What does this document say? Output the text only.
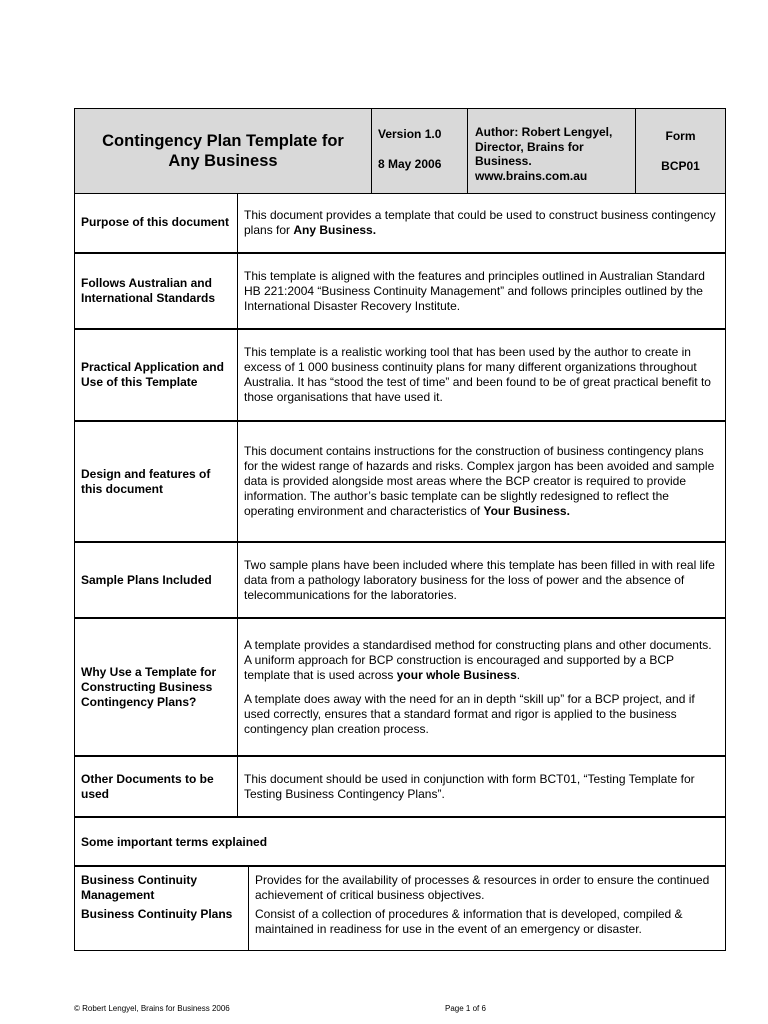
Contingency Plan Template for
Any Business
Version 1.0
8 May 2006
Author: Robert Lengyel,
Director, Brains for
Business.
www.brains.com.au
Form
BCP01
Purpose of this document

This document provides a template that could be used to construct business contingency plans for Any Business.

Follows Australian and International Standards

This template is aligned with the features and principles outlined in Australian Standard HB 221:2004 “Business Continuity Management” and follows principles outlined by the International Disaster Recovery Institute.

Practical Application and Use of this Template

This template is a realistic working tool that has been used by the author to create in excess of 1 000 business continuity plans for many different organizations throughout Australia. It has “stood the test of time” and been found to be of great practical benefit to those organisations that have used it.

Design and features of this document

This document contains instructions for the construction of business contingency plans for the widest range of hazards and risks. Complex jargon has been avoided and sample data is provided alongside most areas where the BCP creator is required to provide information. The author’s basic template can be slightly redesigned to reflect the operating environment and characteristics of Your Business.

Sample Plans Included

Two sample plans have been included where this template has been filled in with real life data from a pathology laboratory business for the loss of power and the absence of telecommunications for the laboratories.

Why Use a Template for Constructing Business Contingency Plans?

A template provides a standardised method for constructing plans and other documents. A uniform approach for BCP construction is encouraged and supported by a BCP template that is used across your whole Business.

A template does away with the need for an in depth “skill up” for a BCP project, and if used correctly, ensures that a standard format and rigor is applied to the business contingency plan creation process.

Other Documents to be used

This document should be used in conjunction with form BCT01, “Testing Template for Testing Business Contingency Plans”.

Some important terms explained
Business Continuity Management

Provides for the availability of processes & resources in order to ensure the continued achievement of critical business objectives.

Business Continuity Plans	Consist of a collection of procedures & information that is developed, compiled & maintained in readiness for use in the event of an emergency or disaster.

© Robert Lengyel, Brains for Business 2006	Page 1 of 6
